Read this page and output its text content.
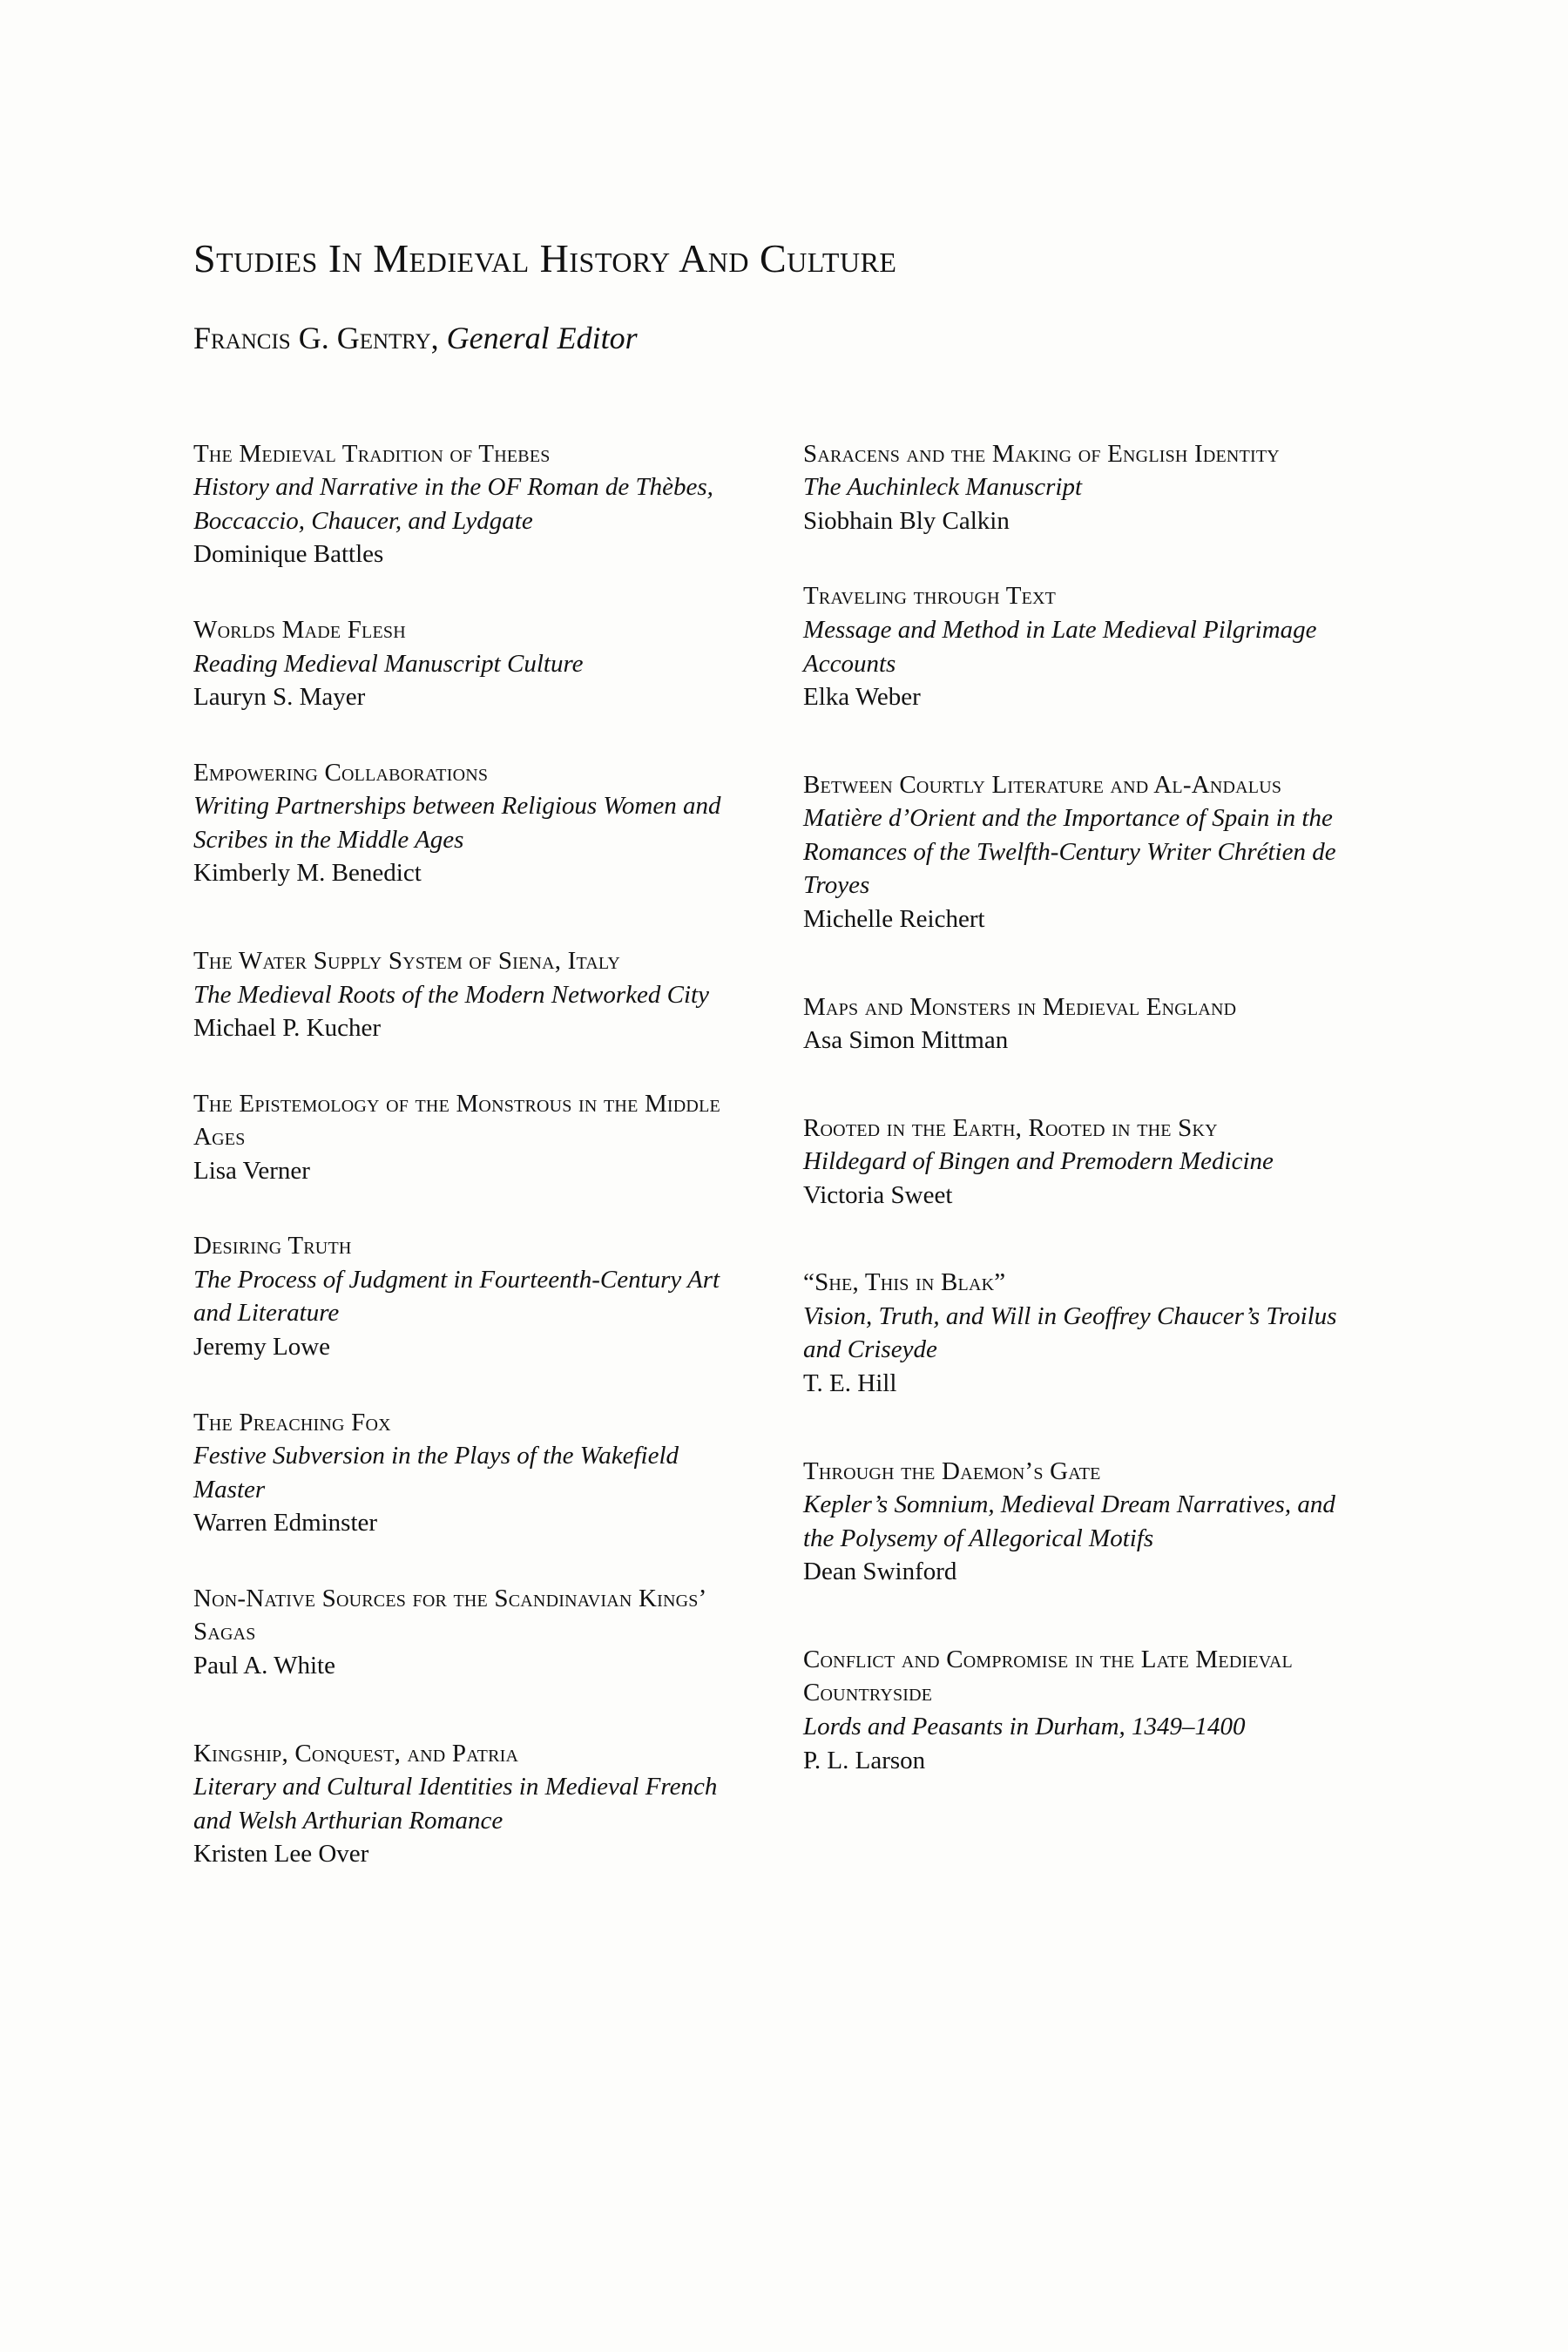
Studies In Medieval History And Culture
Francis G. Gentry, General Editor
The Medieval Tradition of Thebes
History and Narrative in the OF Roman de Thèbes, Boccaccio, Chaucer, and Lydgate
Dominique Battles
Worlds Made Flesh
Reading Medieval Manuscript Culture
Lauryn S. Mayer
Empowering Collaborations
Writing Partnerships between Religious Women and Scribes in the Middle Ages
Kimberly M. Benedict
The Water Supply System of Siena, Italy
The Medieval Roots of the Modern Networked City
Michael P. Kucher
The Epistemology of the Monstrous in the Middle Ages
Lisa Verner
Desiring Truth
The Process of Judgment in Fourteenth-Century Art and Literature
Jeremy Lowe
The Preaching Fox
Festive Subversion in the Plays of the Wakefield Master
Warren Edminster
Non-Native Sources for the Scandinavian Kings’ Sagas
Paul A. White
Kingship, Conquest, and Patria
Literary and Cultural Identities in Medieval French and Welsh Arthurian Romance
Kristen Lee Over
Saracens and the Making of English Identity
The Auchinleck Manuscript
Siobhain Bly Calkin
Traveling through Text
Message and Method in Late Medieval Pilgrimage Accounts
Elka Weber
Between Courtly Literature and Al-Andalus
Matière d’Orient and the Importance of Spain in the Romances of the Twelfth-Century Writer Chrétien de Troyes
Michelle Reichert
Maps and Monsters in Medieval England
Asa Simon Mittman
Rooted in the Earth, Rooted in the Sky
Hildegard of Bingen and Premodern Medicine
Victoria Sweet
“She, This in Blak”
Vision, Truth, and Will in Geoffrey Chaucer’s Troilus and Criseyde
T. E. Hill
Through the Daemon’s Gate
Kepler’s Somnium, Medieval Dream Narratives, and the Polysemy of Allegorical Motifs
Dean Swinford
Conflict and Compromise in the Late Medieval Countryside
Lords and Peasants in Durham, 1349–1400
P. L. Larson
